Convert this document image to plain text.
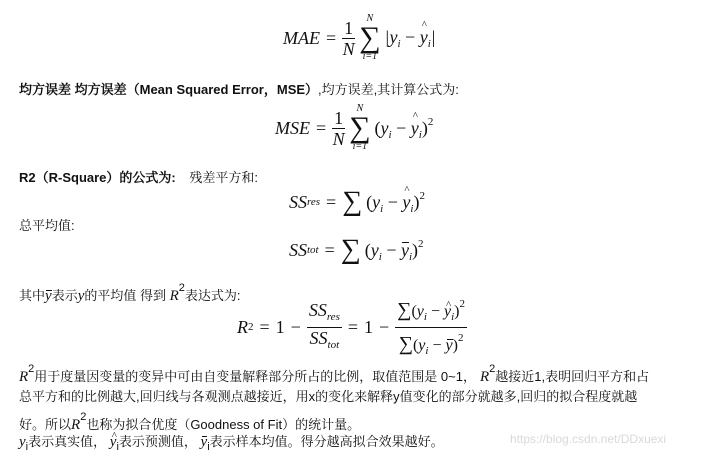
MAE = $\frac{1}{N}$	N
∑
i=1
$|y_i$ − ^ $y_i|$
均方误差 均方误差（Mean Squared Error，MSE）,均方误差,其计算公式为:
MSE = $\frac{1}{N}$	N
∑
i=1
($y_i$ − ^ $y_i)^2$
R2（R-Square）的公式为: 残差平方和:
SS res = ∑ ($y_i$ − ^ $y_i)^2$
总平均值:
SS tot = ∑ $(y_i - y_i)^2$
其中y表示y的平均值 得到 $R^2$表达式为:
R $2 = 1 - \frac{SS_{res}}{SS_{tot}} = 1 - \frac{\sum(y_i - \^{} y_i)^2}{\sum(y_i - y)^2}$
$R^2$用于度量因变量的变异中可由自变量解释部分所占的比例，取值范围是 0~1， $R^2$越接近1,表明回归平方和占
总平方和的比例越大,回归线与各观测点越接近，用x的变化来解释y值变化的部分就越多,回归的拟合程度就越
好。所以$R^2$也称为拟合优度（Goodness of Fit）的统计量。
$y_i$表示真实值， ^ $y_i$表示预测值， $y_i$表示样本均值。得分越高拟合效果越好。	https://blog.csdn.net/DDxuexi
